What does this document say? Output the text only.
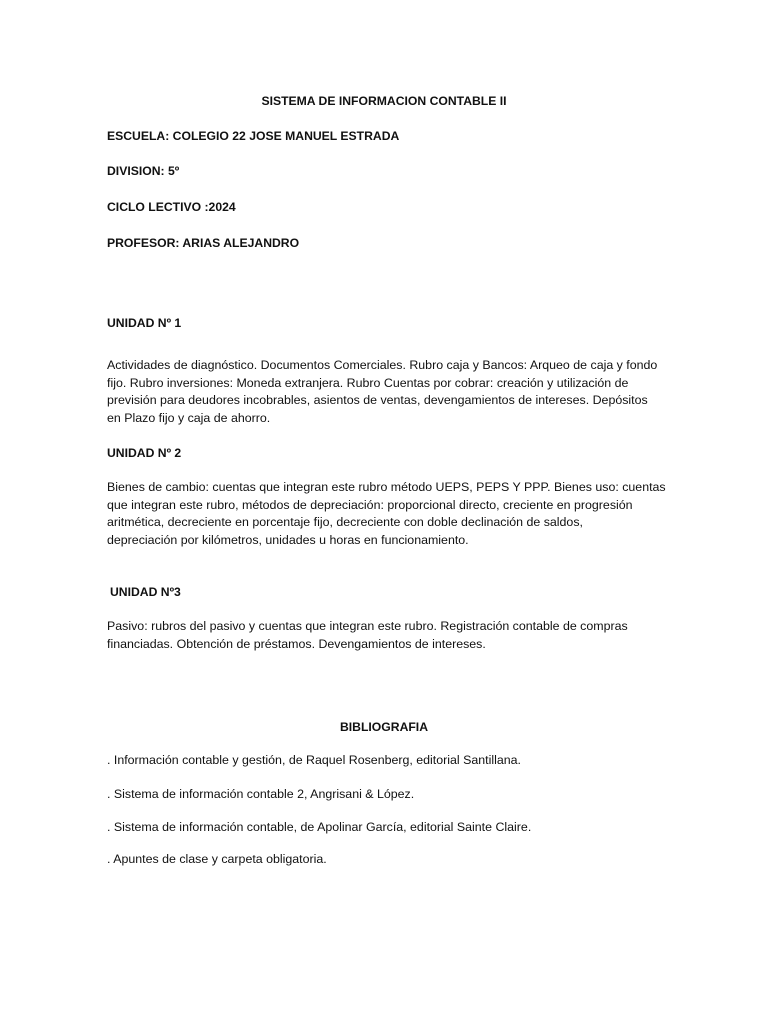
SISTEMA DE INFORMACION CONTABLE II
ESCUELA: COLEGIO 22 JOSE MANUEL ESTRADA
DIVISION: 5º
CICLO LECTIVO :2024
PROFESOR: ARIAS ALEJANDRO
UNIDAD Nº 1
Actividades de diagnóstico. Documentos Comerciales. Rubro caja y Bancos: Arqueo de caja y fondo
fijo. Rubro inversiones: Moneda extranjera. Rubro Cuentas por cobrar: creación y utilización de
previsión para deudores incobrables, asientos de ventas, devengamientos de intereses. Depósitos
en Plazo fijo y caja de ahorro.
UNIDAD Nº 2
Bienes de cambio: cuentas que integran este rubro método UEPS, PEPS Y PPP. Bienes uso: cuentas
que integran este rubro, métodos de depreciación: proporcional directo, creciente en progresión
aritmética, decreciente en porcentaje fijo, decreciente con doble declinación de saldos,
depreciación por kilómetros, unidades u horas en funcionamiento.
UNIDAD Nº3
Pasivo: rubros del pasivo y cuentas que integran este rubro. Registración contable de compras
financiadas. Obtención de préstamos. Devengamientos de intereses.
BIBLIOGRAFIA
. Información contable y gestión, de Raquel Rosenberg, editorial Santillana.
. Sistema de información contable 2, Angrisani & López.
. Sistema de información contable, de Apolinar García, editorial Sainte Claire.
. Apuntes de clase y carpeta obligatoria.
